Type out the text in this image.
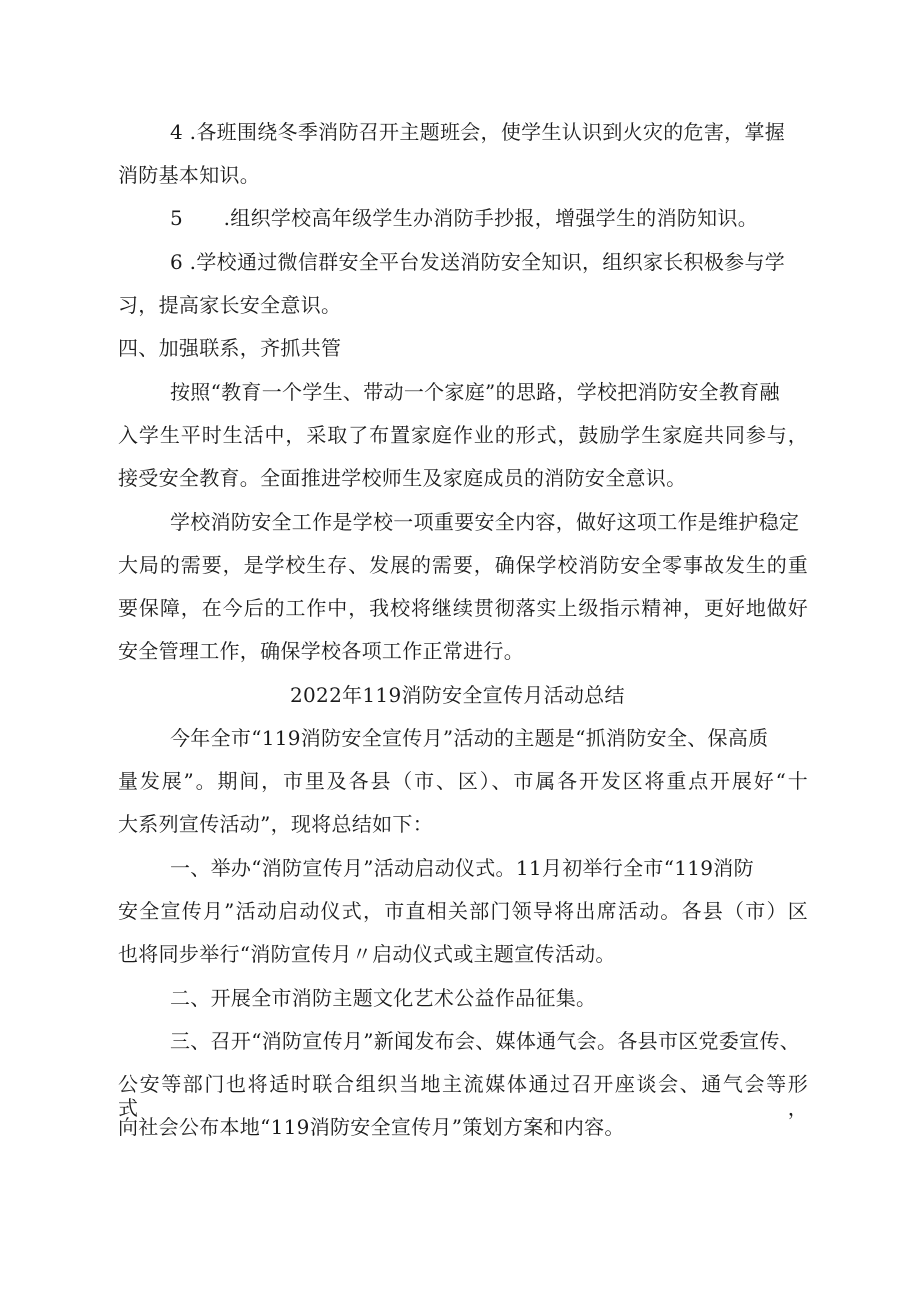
4 .各班围绕冬季消防召开主题班会，使学生认识到火灾的危害，掌握
消防基本知识。
5　　.组织学校高年级学生办消防手抄报，增强学生的消防知识。
6 .学校通过微信群安全平台发送消防安全知识，组织家长积极参与学
习，提高家长安全意识。
四、加强联系，齐抓共管
按照“教育一个学生、带动一个家庭”的思路，学校把消防安全教育融
入学生平时生活中，采取了布置家庭作业的形式，鼓励学生家庭共同参与，
接受安全教育。全面推进学校师生及家庭成员的消防安全意识。
学校消防安全工作是学校一项重要安全内容，做好这项工作是维护稳定
大局的需要，是学校生存、发展的需要，确保学校消防安全零事故发生的重
要保障，在今后的工作中，我校将继续贯彻落实上级指示精神，更好地做好
安全管理工作，确保学校各项工作正常进行。
2022年119消防安全宣传月活动总结
今年全市“119消防安全宣传月”活动的主题是“抓消防安全、保高质
量发展”。期间，市里及各县（市、区）、市属各开发区将重点开展好“十
大系列宣传活动”，现将总结如下：
一、举办“消防宣传月”活动启动仪式。11月初举行全市“119消防
安全宣传月”活动启动仪式，市直相关部门领导将出席活动。各县（市）区
也将同步举行“消防宣传月〃启动仪式或主题宣传活动。
二、开展全市消防主题文化艺术公益作品征集。
三、召开“消防宣传月”新闻发布会、媒体通气会。各县市区党委宣传、
公安等部门也将适时联合组织当地主流媒体通过召开座谈会、通气会等形式，
向社会公布本地“119消防安全宣传月”策划方案和内容。
